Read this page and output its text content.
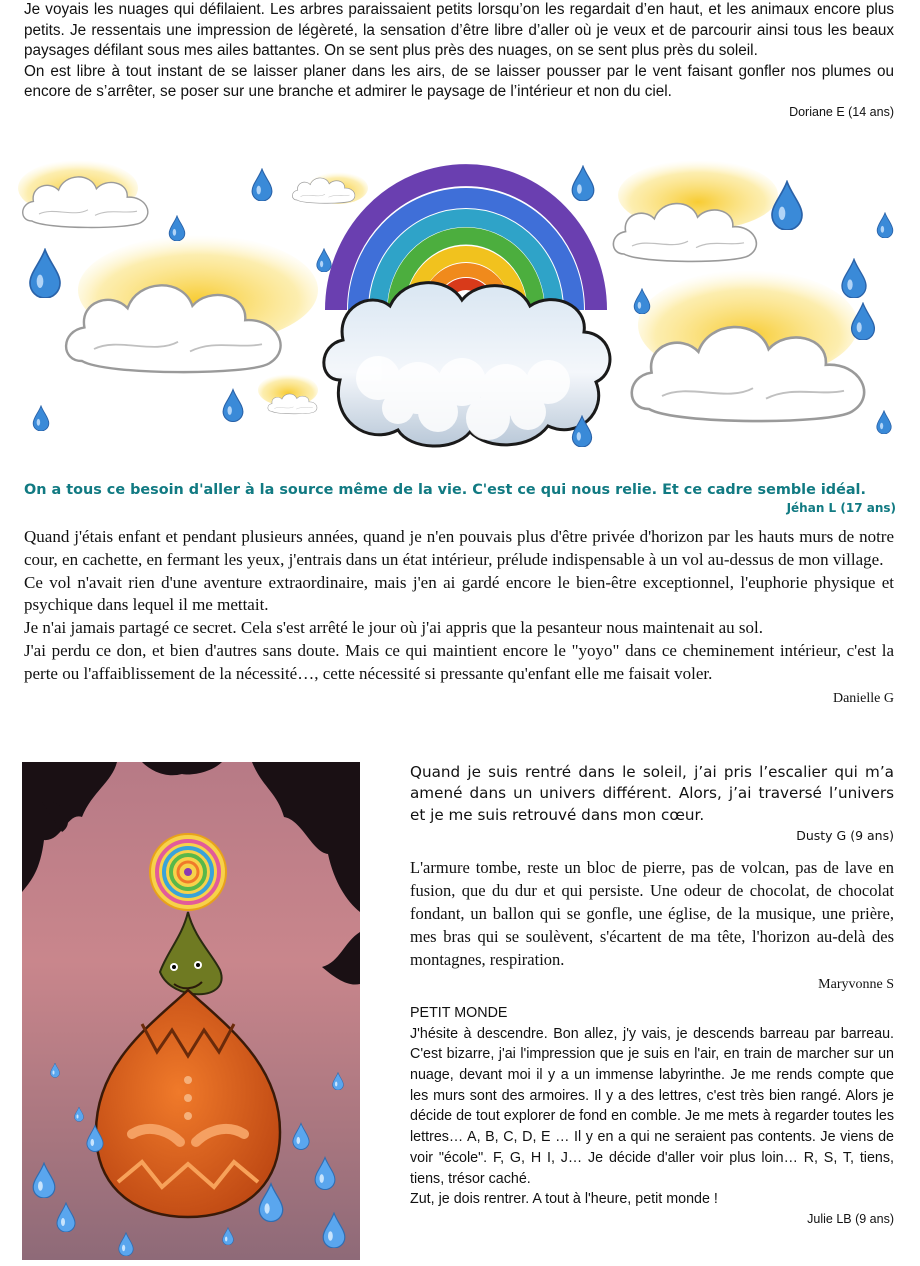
Je voyais les nuages qui défilaient. Les arbres paraissaient petits lorsqu’on les regardait d’en haut, et les animaux encore plus petits. Je ressentais une impression de légèreté, la sensation d’être libre d’aller où je veux et de parcourir ainsi tous les beaux paysages défilant sous mes ailes battantes. On se sent plus près des nuages, on se sent plus près du soleil.

On est libre à tout instant de se laisser planer dans les airs, de se laisser pousser par le vent faisant gonfler nos plumes ou encore de s’arrêter, se poser sur une branche et admirer le paysage de l’intérieur et non du ciel.

Doriane E (14 ans)
On a tous ce besoin d'aller à la source même de la vie. C'est ce qui nous relie. Et ce cadre semble idéal.
Jéhan L (17 ans)

Quand j'étais enfant et pendant plusieurs années, quand je n'en pouvais plus d'être privée d'horizon par les hauts murs de notre cour, en cachette, en fermant les yeux, j'entrais dans un état intérieur, prélude indispensable à un vol au-dessus de mon village.

Ce vol n'avait rien d'une aventure extraordinaire, mais j'en ai gardé encore le bien-être exceptionnel, l'euphorie physique et psychique dans lequel il me mettait.

Je n'ai jamais partagé ce secret. Cela s'est arrêté le jour où j'ai appris que la pesanteur nous maintenait au sol.

J'ai perdu ce don, et bien d'autres sans doute. Mais ce qui maintient encore le "yoyo" dans ce cheminement intérieur, c'est la perte ou l'affaiblissement de la nécessité…, cette nécessité si pressante qu'enfant elle me faisait voler.

Danielle G

Quand je suis rentré dans le soleil, j’ai pris l’escalier qui m’a amené dans un univers différent. Alors, j’ai traversé l’univers et je me suis retrouvé dans mon cœur.

Dusty G (9 ans)

L'armure tombe, reste un bloc de pierre, pas de volcan, pas de lave en fusion, que du dur et qui persiste. Une odeur de chocolat, de chocolat fondant, un ballon qui se gonfle, une église, de la musique, une prière, mes bras qui se soulèvent, s'écartent de ma tête, l'horizon au-delà des montagnes, respiration.

Maryvonne S
PETIT MONDE

J'hésite à descendre. Bon allez, j'y vais, je descends barreau par barreau. C'est bizarre, j'ai l'impression que je suis en l'air, en train de marcher sur un nuage, devant moi il y a un immense labyrinthe. Je me rends compte que les murs sont des armoires. Il y a des lettres, c'est très bien rangé. Alors je décide de tout explorer de fond en comble. Je me mets à regarder toutes les lettres… A, B, C, D, E … Il y en a qui ne seraient pas contents. Je viens de voir "école". F, G, H I, J… Je décide d'aller voir plus loin… R, S, T, tiens, tiens, trésor caché.

Zut, je dois rentrer. A tout à l'heure, petit monde !

Julie LB (9 ans)
